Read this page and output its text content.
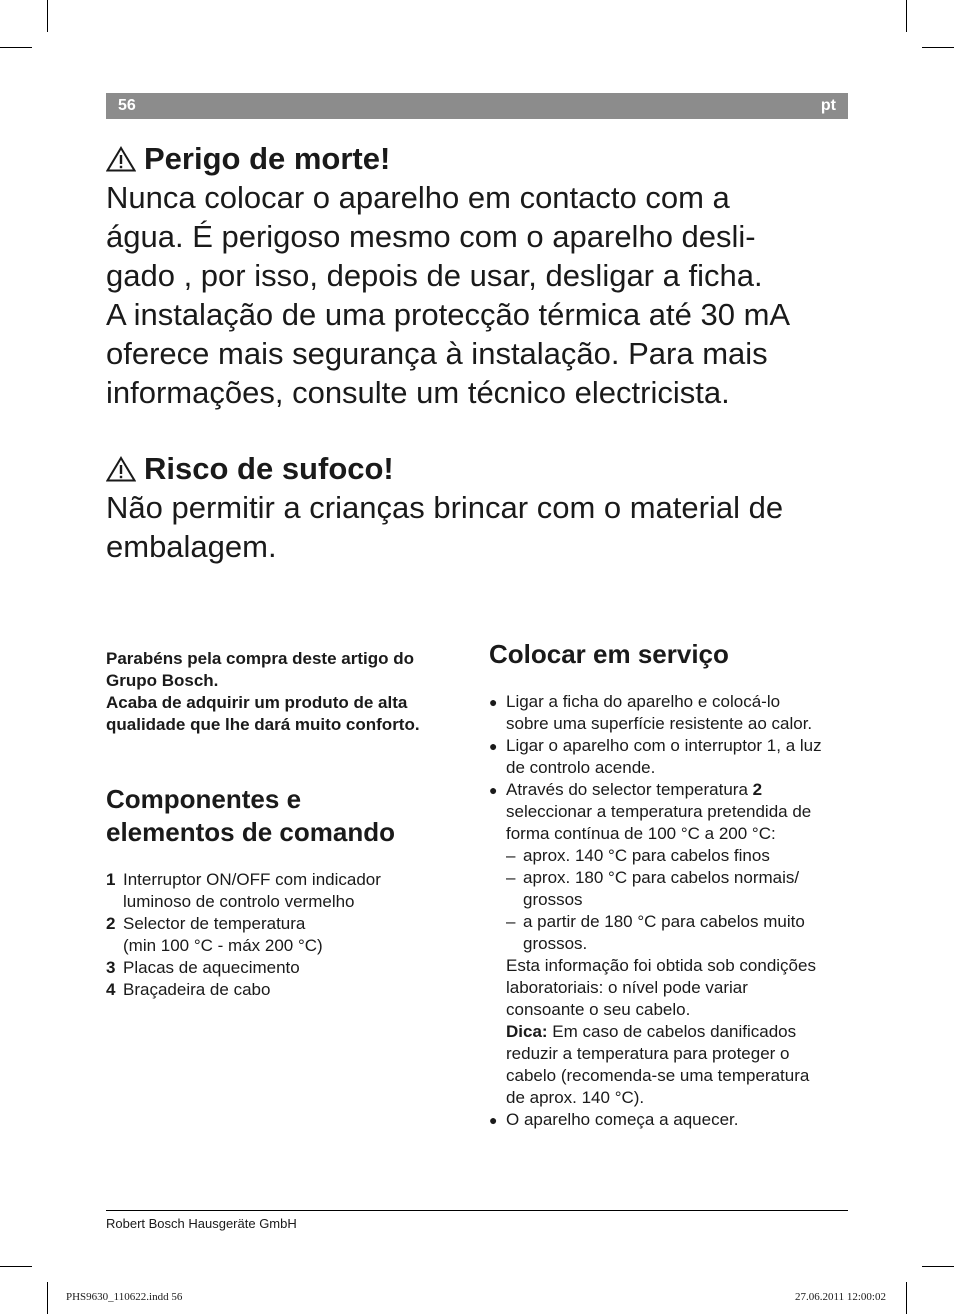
56	pt
Perigo de morte!

Nunca colocar o aparelho em contacto com a

água. É perigoso mesmo com o aparelho desli-

gado , por isso, depois de usar, desligar a ficha.

A instalação de uma protecção térmica até 30 mA

oferece mais segurança à instalação. Para mais

informações, consulte um técnico electricista.

Risco de sufoco!

Não permitir a crianças brincar com o material de

embalagem.

Parabéns pela compra deste artigo do

Grupo Bosch.

Acaba de adquirir um produto de alta

qualidade que lhe dará muito conforto.

Componentes e
elementos de comando
1 Interruptor ON/OFF com indicador
luminoso de controlo vermelho
2 Selector de temperatura
(min 100 °C - máx 200 °C)
3 Placas de aquecimento
4 Braçadeira de cabo
Colocar em serviço
● Ligar a ficha do aparelho e colocá-lo

sobre uma superfície resistente ao calor.

● Ligar o aparelho com o interruptor 1, a luz

de controlo acende.

● Através do selector temperatura 2

seleccionar a temperatura pretendida de

forma contínua de 100 °C a 200 °C:

– aprox. 140 °C para cabelos finos
– aprox. 180 °C para cabelos normais/
grossos
– a partir de 180 °C para cabelos muito
grossos.

Esta informação foi obtida sob condições

laboratoriais: o nível pode variar

consoante o seu cabelo.

Dica: Em caso de cabelos danificados

reduzir a temperatura para proteger o

cabelo (recomenda-se uma temperatura

de aprox. 140 °C).

● O aparelho começa a aquecer.
Robert Bosch Hausgeräte GmbH
PHS9630_110622.indd 56	27.06.2011 12:00:02
